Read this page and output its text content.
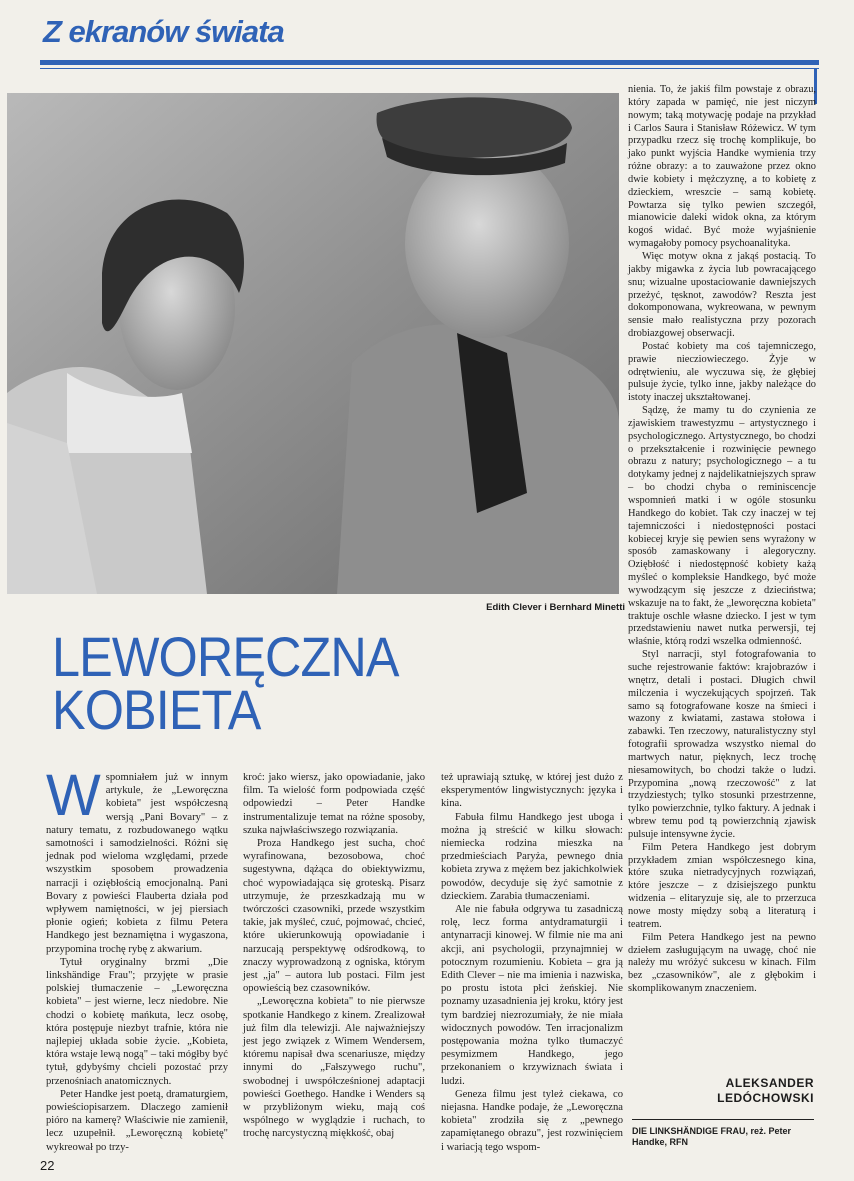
Z ekranów świata
Edith Clever i Bernhard Minetti
LEWORĘCZNA
KOBIETA

Wspomniałem już w innym artykule, że „Leworęczna kobieta" jest współczesną wersją „Pani Bovary" – z natury tematu, z rozbudowanego wątku samotności i samodzielności. Różni się jednak pod wieloma względami, przede wszystkim sposobem prowadzenia narracji i oziębłością emocjonalną. Pani Bovary z powieści Flauberta działa pod wpływem namiętności, w jej piersiach płonie ogień; kobieta z filmu Petera Handkego jest beznamiętna i wygaszona, przypomina trochę rybę z akwarium.

Tytuł oryginalny brzmi „Die linkshändige Frau"; przyjęte w prasie polskiej tłumaczenie – „Leworęczna kobieta" – jest wierne, lecz niedobre. Nie chodzi o kobietę mańkuta, lecz osobę, która postępuje niezbyt trafnie, która nie najlepiej układa sobie życie. „Kobieta, która wstaje lewą nogą" – taki mógłby być tytuł, gdybyśmy chcieli pozostać przy przenośniach anatomicznych.

Peter Handke jest poetą, dramaturgiem, powieściopisarzem. Dlaczego zamienił pióro na kamerę? Właściwie nie zamienił, lecz uzupełnił. „Leworęczną kobietę" wykreował po trzy-

kroć: jako wiersz, jako opowiadanie, jako film. Ta wielość form podpowiada część odpowiedzi – Peter Handke instrumentalizuje temat na różne sposoby, szuka najwłaściwszego rozwiązania.

Proza Handkego jest sucha, choć wyrafinowana, bezosobowa, choć sugestywna, dążąca do obiektywizmu, choć wypowiadająca się groteską. Pisarz utrzymuje, że przeszkadzają mu w twórczości czasowniki, przede wszystkim takie, jak myśleć, czuć, pojmować, chcieć, które ukierunkowują opowiadanie i narzucają perspektywę odśrodkową, to znaczy wyprowadzoną z ogniska, którym jest „ja" – autora lub postaci. Film jest opowieścią bez czasowników.

„Leworęczna kobieta" to nie pierwsze spotkanie Handkego z kinem. Zrealizował już film dla telewizji. Ale najważniejszy jest jego związek z Wimem Wendersem, któremu napisał dwa scenariusze, między innymi do „Fałszywego ruchu", swobodnej i uwspółcześnionej adaptacji powieści Goethego. Handke i Wenders są w przybliżonym wieku, mają coś wspólnego w wyglądzie i ruchach, to trochę narcystyczną miękkość, obaj

też uprawiają sztukę, w której jest dużo z eksperymentów lingwistycznych: języka i kina.

Fabuła filmu Handkego jest uboga i można ją streścić w kilku słowach: niemiecka rodzina mieszka na przedmieściach Paryża, pewnego dnia kobieta zrywa z mężem bez jakichkolwiek powodów, decyduje się żyć samotnie z dzieckiem. Zarabia tłumaczeniami.

Ale nie fabuła odgrywa tu zasadniczą rolę, lecz forma antydramaturgii i antynarracji kinowej. W filmie nie ma ani akcji, ani psychologii, przynajmniej w potocznym rozumieniu. Kobieta – gra ją Edith Clever – nie ma imienia i nazwiska, po prostu istota płci żeńskiej. Nie poznamy uzasadnienia jej kroku, który jest tym bardziej niezrozumiały, że nie miała widocznych powodów. Ten irracjonalizm postępowania można tylko tłumaczyć pesymizmem Handkego, jego przekonaniem o krzywiznach świata i ludzi.

Geneza filmu jest tyleż ciekawa, co niejasna. Handke podaje, że „Leworęczna kobieta" zrodziła się z „pewnego zapamiętanego obrazu", jest rozwinięciem i wariacją tego wspom-

nienia. To, że jakiś film powstaje z obrazu, który zapada w pamięć, nie jest niczym nowym; taką motywację podaje na przykład i Carlos Saura i Stanisław Różewicz. W tym przypadku rzecz się trochę komplikuje, bo jako punkt wyjścia Handke wymienia trzy różne obrazy: a to zauważone przez okno dwie kobiety i mężczyznę, a to kobietę z dzieckiem, wreszcie – samą kobietę. Powtarza się tylko pewien szczegół, mianowicie daleki widok okna, za którym kogoś widać. Być może wyjaśnienie wymagałoby pomocy psychoanalityka.

Więc motyw okna z jakąś postacią. To jakby migawka z życia lub powracającego snu; wizualne upostaciowanie dawniejszych przeżyć, tęsknot, zawodów? Reszta jest dokomponowana, wykreowana, w pewnym sensie mało realistyczna przy pozorach drobiazgowej obserwacji.

Postać kobiety ma coś tajemniczego, prawie niecziowieczego. Żyje w odrętwieniu, ale wyczuwa się, że głębiej pulsuje życie, tylko inne, jakby należące do istoty inaczej ukształtowanej.

Sądzę, że mamy tu do czynienia ze zjawiskiem trawestyzmu – artystycznego i psychologicznego. Artystycznego, bo chodzi o przekształcenie i rozwinięcie pewnego obrazu z natury; psychologicznego – a tu dotykamy jednej z najdelikatniejszych spraw – bo chodzi chyba o reminiscencje wspomnień matki i w ogóle stosunku Handkego do kobiet. Tak czy inaczej w tej tajemniczości i niedostępności postaci kobiecej kryje się pewien sens wyrażony w sposób zamaskowany i alegoryczny. Oziębłość i niedostępność kobiety każą myśleć o kompleksie Handkego, być może wywodzącym się jeszcze z dzieciństwa; wskazuje na to fakt, że „leworęczna kobieta" traktuje oschle własne dziecko. I jest w tym przedstawieniu nawet nutka perwersji, tej właśnie, którą rodzi wszelka odmienność.

Styl narracji, styl fotografowania to suche rejestrowanie faktów: krajobrazów i wnętrz, detali i postaci. Długich chwil milczenia i wyczekujących spojrzeń. Tak samo są fotografowane kosze na śmieci i wazony z kwiatami, zastawa stołowa i zabawki. Ten rzeczowy, naturalistyczny styl fotografii sprowadza wszystko niemal do martwych natur, pięknych, lecz trochę niesamowitych, bo chodzi także o ludzi. Przypomina „nową rzeczowość" z lat trzydziestych; tylko stosunki przestrzenne, tylko powierzchnie, tylko faktury. A jednak i wbrew temu pod tą powierzchnią zjawisk pulsuje intensywne życie.

Film Petera Handkego jest dobrym przykładem zmian współczesnego kina, które szuka nietradycyjnych rozwiązań, które jeszcze – z dzisiejszego punktu widzenia – elitaryzuje się, ale to przerzuca nowe mosty między sobą a literaturą i teatrem.

Film Petera Handkego jest na pewno dziełem zasługującym na uwagę, choć nie należy mu wróżyć sukcesu w kinach. Film bez „czasowników", ale z głębokim i skomplikowanym znaczeniem.

ALEKSANDER
LEDÓCHOWSKI
DIE LINKSHÄNDIGE FRAU, reż. Peter Handke, RFN
22
